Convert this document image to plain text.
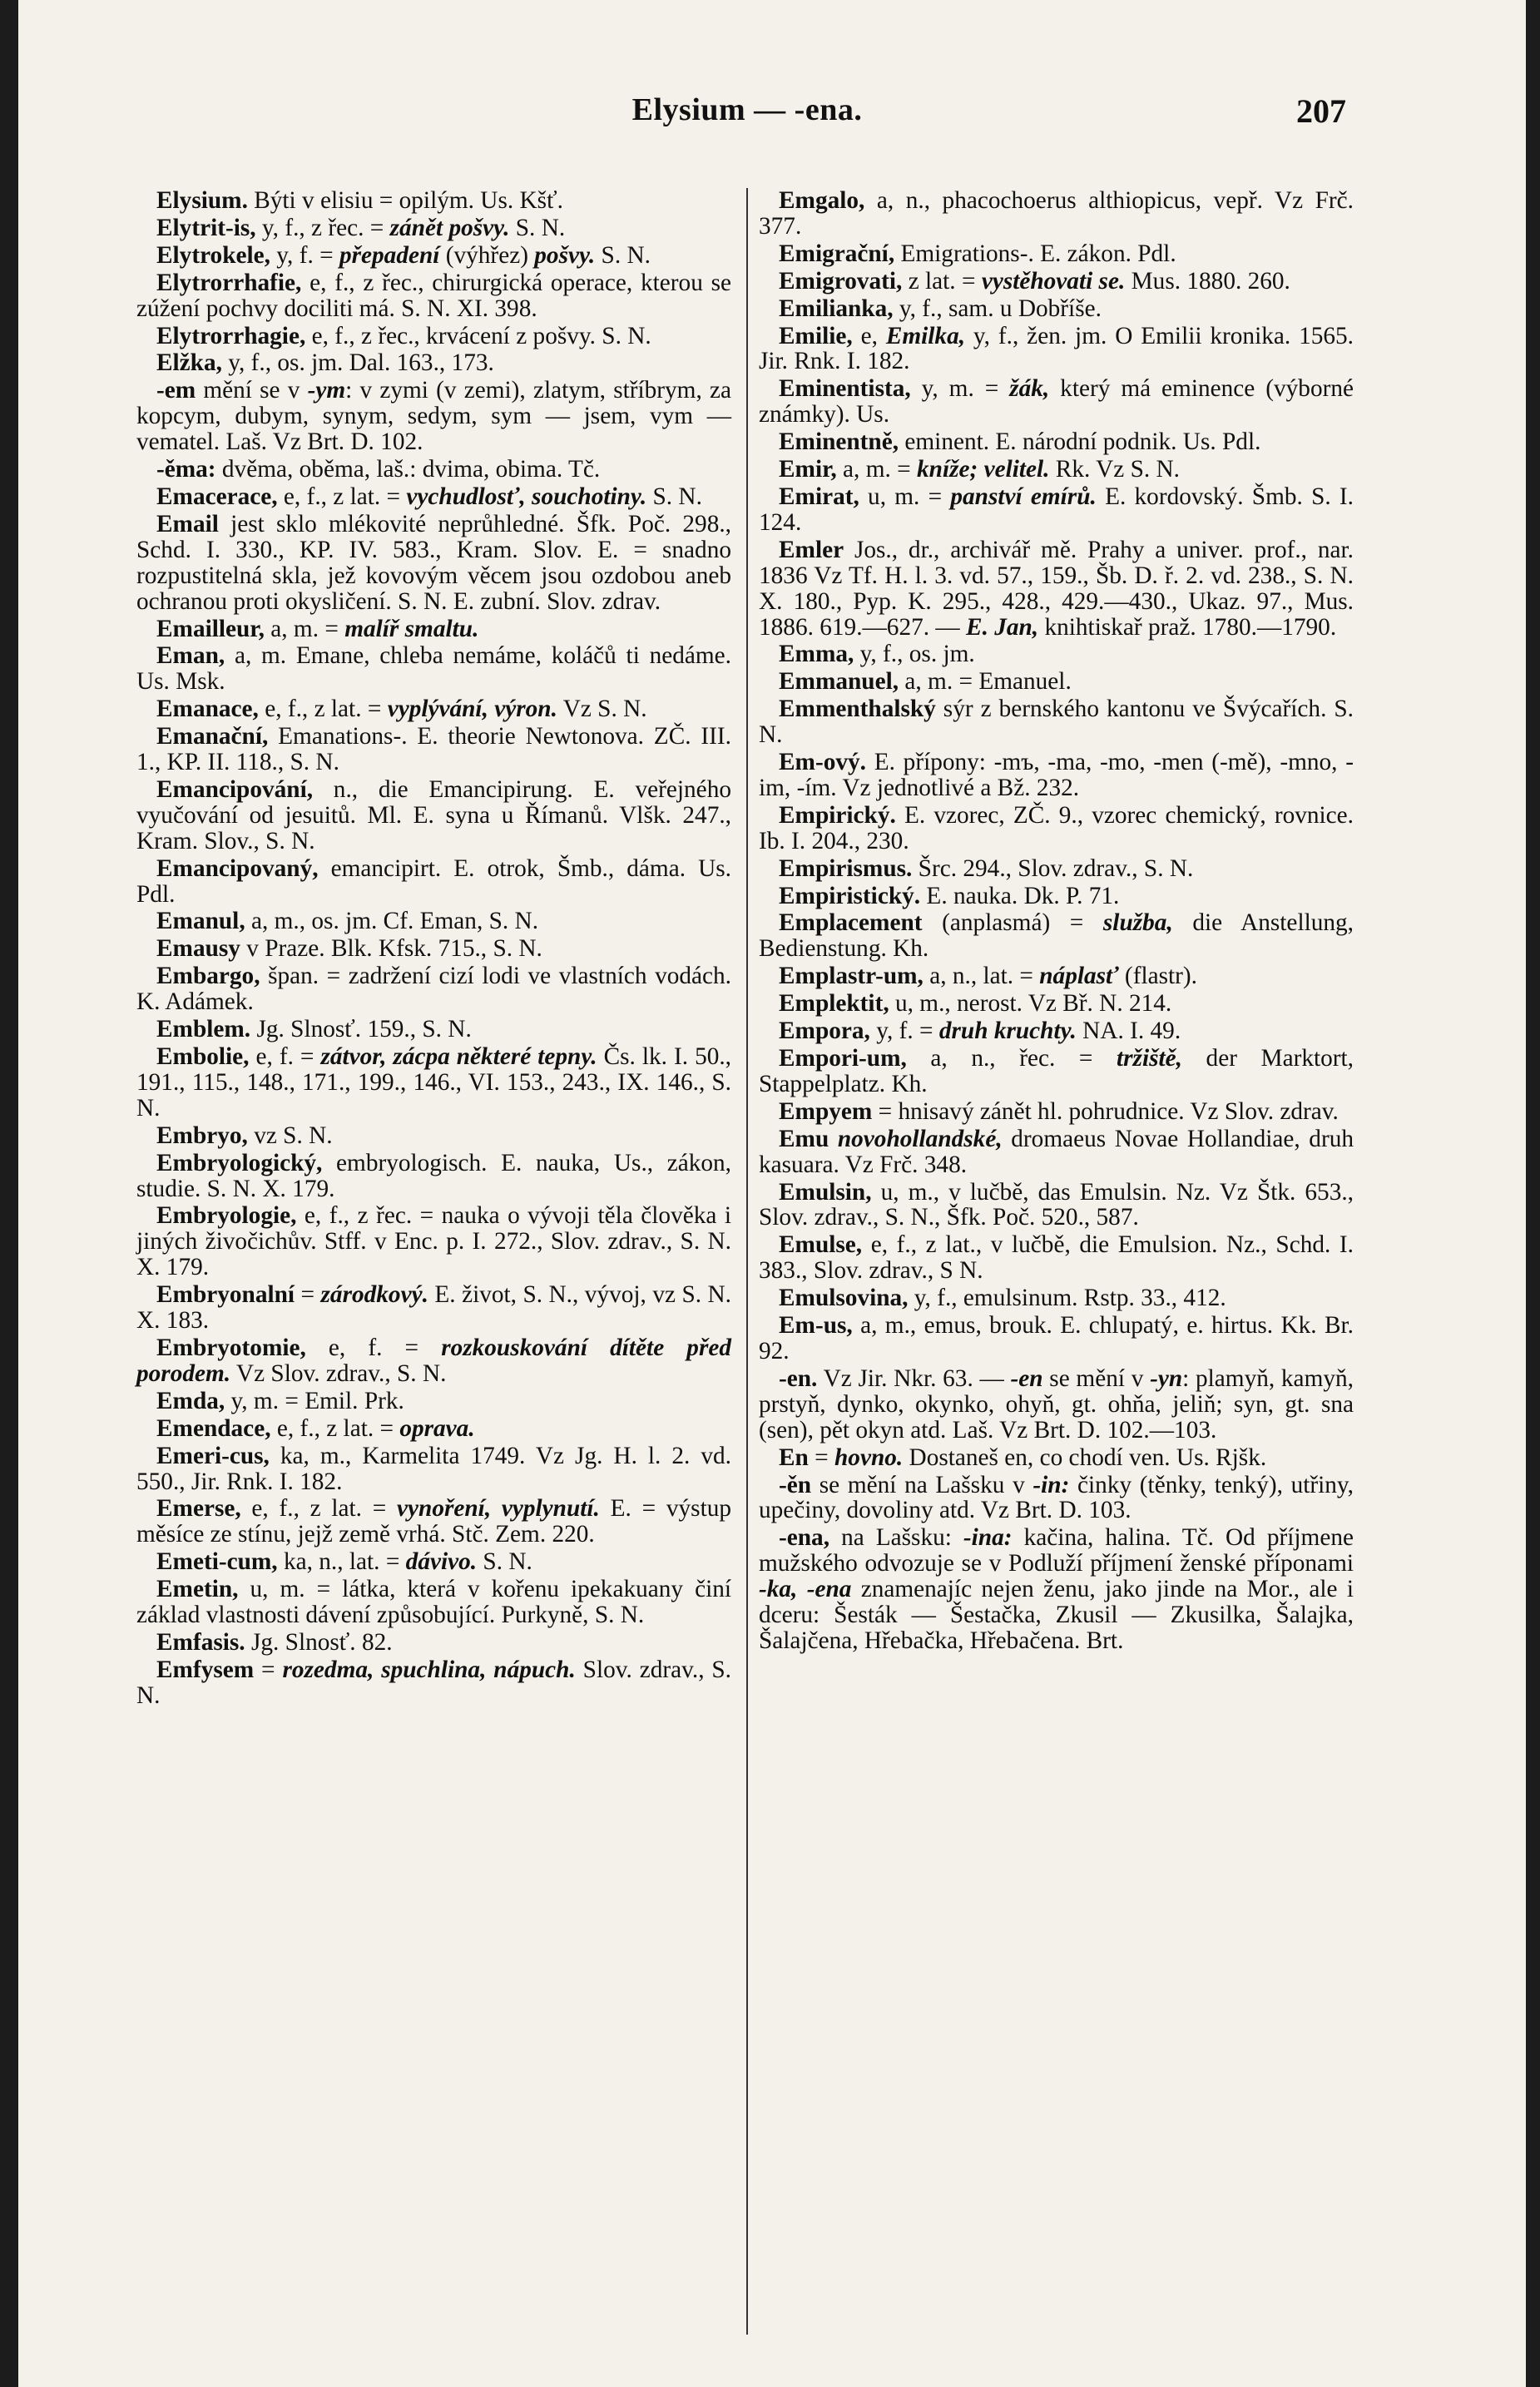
Elysium — -ena.	207

Elysium. Býti v elisiu = opilým. Us. Kšť.

Elytrit-is, y, f., z řec. = zánět pošvy. S. N.

Elytrokele, y, f. = přepadení (výhřez) pošvy. S. N.

Elytrorrhafie, e, f., z řec., chirurgická operace, kterou se zúžení pochvy dociliti má. S. N. XI. 398.

Elytrorrhagie, e, f., z řec., krvácení z pošvy. S. N.

Elžka, y, f., os. jm. Dal. 163., 173.

-em mění se v -ym: v zymi (v zemi), zlatym, stříbrym, za kopcym, dubym, synym, sedym, sym — jsem, vym — vematel. Laš. Vz Brt. D. 102.

-ěma: dvěma, oběma, laš.: dvima, obima. Tč.

Emacerace, e, f., z lat. = vychudlosť, souchotiny. S. N.

Email jest sklo mlékovité neprůhledné. Šfk. Poč. 298., Schd. I. 330., KP. IV. 583., Kram. Slov. E. = snadno rozpustitelná skla, jež kovovým věcem jsou ozdobou aneb ochranou proti okysličení. S. N. E. zubní. Slov. zdrav.

Emailleur, a, m. = malíř smaltu.

Eman, a, m. Emane, chleba nemáme, koláčů ti nedáme. Us. Msk.

Emanace, e, f., z lat. = vyplývání, výron. Vz S. N.

Emanační, Emanations-. E. theorie Newtonova. ZČ. III. 1., KP. II. 118., S. N.

Emancipování, n., die Emancipirung. E. veřejného vyučování od jesuitů. Ml. E. syna u Římanů. Vlšk. 247., Kram. Slov., S. N.

Emancipovaný, emancipirt. E. otrok, Šmb., dáma. Us. Pdl.

Emanul, a, m., os. jm. Cf. Eman, S. N.

Emausy v Praze. Blk. Kfsk. 715., S. N.

Embargo, špan. = zadržení cizí lodi ve vlastních vodách. K. Adámek.

Emblem. Jg. Slnosť. 159., S. N.

Embolie, e, f. = zátvor, zácpa některé tepny. Čs. lk. I. 50., 191., 115., 148., 171., 199., 146., VI. 153., 243., IX. 146., S. N.

Embryo, vz S. N.

Embryologický, embryologisch. E. nauka, Us., zákon, studie. S. N. X. 179.

Embryologie, e, f., z řec. = nauka o vývoji těla člověka i jiných živočichův. Stff. v Enc. p. I. 272., Slov. zdrav., S. N. X. 179.

Embryonalní = zárodkový. E. život, S. N., vývoj, vz S. N. X. 183.

Embryotomie, e, f. = rozkouskování dítěte před porodem. Vz Slov. zdrav., S. N.

Emda, y, m. = Emil. Prk.

Emendace, e, f., z lat. = oprava.

Emeri-cus, ka, m., Karmelita 1749. Vz Jg. H. l. 2. vd. 550., Jir. Rnk. I. 182.

Emerse, e, f., z lat. = vynoření, vyplynutí. E. = výstup měsíce ze stínu, jejž země vrhá. Stč. Zem. 220.

Emeti-cum, ka, n., lat. = dávivo. S. N.

Emetin, u, m. = látka, která v kořenu ipekakuany činí základ vlastnosti dávení způsobující. Purkyně, S. N.

Emfasis. Jg. Slnosť. 82.

Emfysem = rozedma, spuchlina, nápuch. Slov. zdrav., S. N.

Emgalo, a, n., phacochoerus althiopicus, vepř. Vz Frč. 377.

Emigrační, Emigrations-. E. zákon. Pdl.

Emigrovati, z lat. = vystěhovati se. Mus. 1880. 260.

Emilianka, y, f., sam. u Dobříše.

Emilie, e, Emilka, y, f., žen. jm. O Emilii kronika. 1565. Jir. Rnk. I. 182.

Eminentista, y, m. = žák, který má eminence (výborné známky). Us.

Eminentně, eminent. E. národní podnik. Us. Pdl.

Emir, a, m. = kníže; velitel. Rk. Vz S. N.

Emirat, u, m. = panství emírů. E. kordovský. Šmb. S. I. 124.

Emler Jos., dr., archivář mě. Prahy a univer. prof., nar. 1836 Vz Tf. H. l. 3. vd. 57., 159., Šb. D. ř. 2. vd. 238., S. N. X. 180., Pyp. K. 295., 428., 429.—430., Ukaz. 97., Mus. 1886. 619.—627. — E. Jan, knihtiskař praž. 1780.—1790.

Emma, y, f., os. jm.

Emmanuel, a, m. = Emanuel.

Emmenthalský sýr z bernského kantonu ve Švýcařích. S. N.

Em-ový. E. přípony: -mъ, -ma, -mo, -men (-mě), -mno, -im, -ím. Vz jednotlivé a Bž. 232.

Empirický. E. vzorec, ZČ. 9., vzorec chemický, rovnice. Ib. I. 204., 230.

Empirismus. Šrc. 294., Slov. zdrav., S. N.

Empiristický. E. nauka. Dk. P. 71.

Emplacement (anplasmá) = služba, die Anstellung, Bedienstung. Kh.

Emplastr-um, a, n., lat. = náplasť (flastr).

Emplektit, u, m., nerost. Vz Bř. N. 214.

Empora, y, f. = druh kruchty. NA. I. 49.

Empori-um, a, n., řec. = tržiště, der Marktort, Stappelplatz. Kh.

Empyem = hnisavý zánět hl. pohrudnice. Vz Slov. zdrav.

Emu novohollandské, dromaeus Novae Hollandiae, druh kasuara. Vz Frč. 348.

Emulsin, u, m., v lučbě, das Emulsin. Nz. Vz Štk. 653., Slov. zdrav., S. N., Šfk. Poč. 520., 587.

Emulse, e, f., z lat., v lučbě, die Emulsion. Nz., Schd. I. 383., Slov. zdrav., S N.

Emulsovina, y, f., emulsinum. Rstp. 33., 412.

Em-us, a, m., emus, brouk. E. chlupatý, e. hirtus. Kk. Br. 92.

-en. Vz Jir. Nkr. 63. — -en se mění v -yn: plamyň, kamyň, prstyň, dynko, okynko, ohyň, gt. ohňa, jeliň; syn, gt. sna (sen), pět okyn atd. Laš. Vz Brt. D. 102.—103.

En = hovno. Dostaneš en, co chodí ven. Us. Rjšk.

-ěn se mění na Lašsku v -in: činky (těnky, tenký), utřiny, upečiny, dovoliny atd. Vz Brt. D. 103.

-ena, na Lašsku: -ina: kačina, halina. Tč. Od příjmene mužského odvozuje se v Podluží příjmení ženské příponami -ka, -ena znamenajíc nejen ženu, jako jinde na Mor., ale i dceru: Šesták — Šestačka, Zkusil — Zkusilka, Šalajka, Šalajčena, Hřebačka, Hřebačena. Brt.
